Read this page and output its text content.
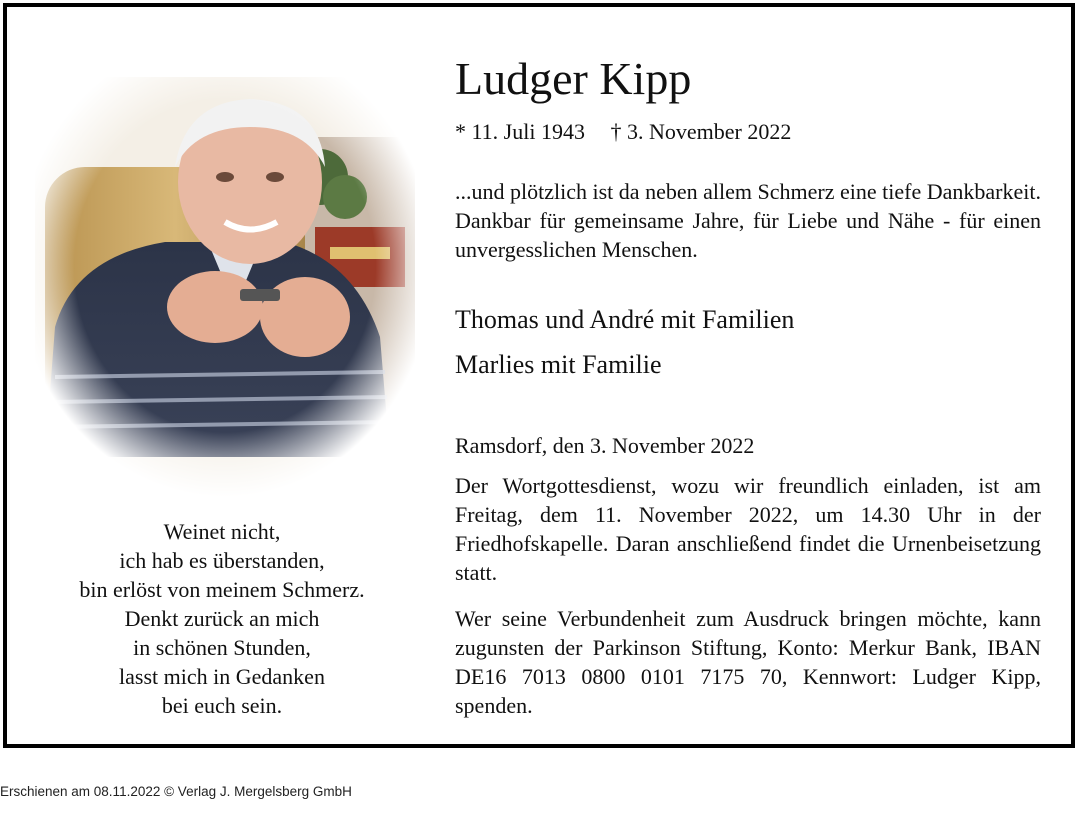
Weinet nicht,
ich hab es überstanden,
bin erlöst von meinem Schmerz.
Denkt zurück an mich
in schönen Stunden,
lasst mich in Gedanken
bei euch sein.
Ludger Kipp
* 11. Juli 1943 † 3. November 2022
...und plötzlich ist da neben allem Schmerz eine tiefe Dankbarkeit. Dankbar für gemeinsame Jahre, für Liebe und Nähe - für einen unvergesslichen Menschen.
Thomas und André mit Familien
Marlies mit Familie
Ramsdorf, den 3. November 2022
Der Wortgottesdienst, wozu wir freundlich einladen, ist am Freitag, dem 11. November 2022, um 14.30 Uhr in der Friedhofskapelle. Daran anschließend findet die Urnenbeisetzung statt.
Wer seine Verbundenheit zum Ausdruck bringen möchte, kann zugunsten der Parkinson Stiftung, Konto: Merkur Bank, IBAN DE16 7013 0800 0101 7175 70, Kennwort: Ludger Kipp, spenden.
Erschienen am 08.11.2022 © Verlag J. Mergelsberg GmbH
